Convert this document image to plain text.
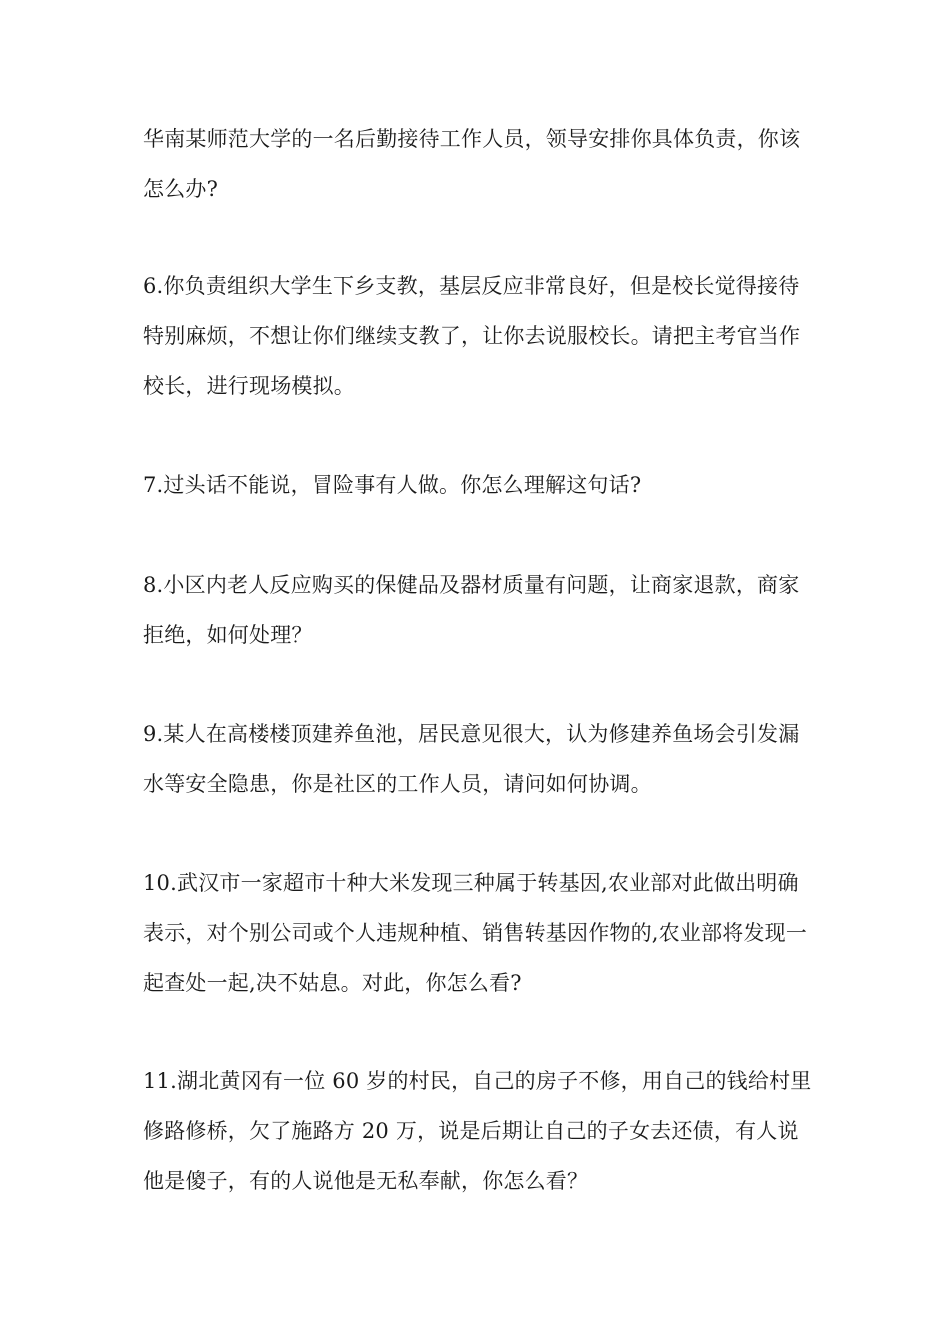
华南某师范大学的一名后勤接待工作人员，领导安排你具体负责，你该
怎么办?
6.你负责组织大学生下乡支教，基层反应非常良好，但是校长觉得接待
特别麻烦，不想让你们继续支教了，让你去说服校长。请把主考官当作
校长，进行现场模拟。
7.过头话不能说，冒险事有人做。你怎么理解这句话?
8.小区内老人反应购买的保健品及器材质量有问题，让商家退款，商家
拒绝，如何处理？
9.某人在高楼楼顶建养鱼池，居民意见很大，认为修建养鱼场会引发漏
水等安全隐患，你是社区的工作人员，请问如何协调。
10.武汉市一家超市十种大米发现三种属于转基因,农业部对此做出明确
表示，对个别公司或个人违规种植、销售转基因作物的,农业部将发现一
起查处一起,决不姑息。对此，你怎么看?
11.湖北黄冈有一位 60 岁的村民，自己的房子不修，用自己的钱给村里
修路修桥，欠了施路方 20 万，说是后期让自己的子女去还债，有人说
他是傻子，有的人说他是无私奉献，你怎么看？
